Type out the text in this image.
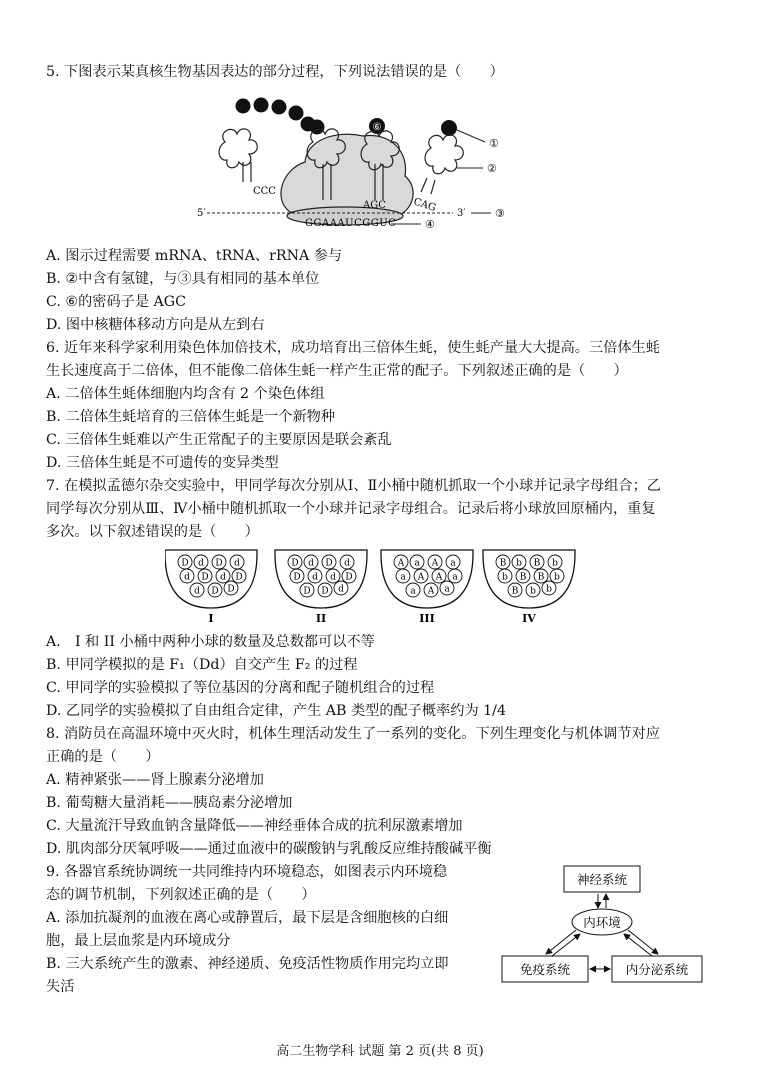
5. 下图表示某真核生物基因表达的部分过程，下列说法错误的是（　　）
⑥
CCC
AGC	CAG
5′	3′
GGAAAUCGGUC
①
②
③
④
A. 图示过程需要 mRNA、tRNA、rRNA 参与
B. ②中含有氢键，与③具有相同的基本单位
C. ⑥的密码子是 AGC
D. 图中核糖体移动方向是从左到右
6. 近年来科学家利用染色体加倍技术，成功培育出三倍体生蚝，使生蚝产量大大提高。三倍体生蚝
生长速度高于二倍体，但不能像二倍体生蚝一样产生正常的配子。下列叙述正确的是（　　）
A. 二倍体生蚝体细胞内均含有 2 个染色体组
B. 二倍体生蚝培育的三倍体生蚝是一个新物种
C. 三倍体生蚝难以产生正常配子的主要原因是联会紊乱
D. 三倍体生蚝是不可遗传的变异类型
7. 在模拟孟德尔杂交实验中，甲同学每次分别从Ⅰ、Ⅱ小桶中随机抓取一个小球并记录字母组合；乙
同学每次分别从Ⅲ、Ⅳ小桶中随机抓取一个小球并记录字母组合。记录后将小球放回原桶内，重复
多次。以下叙述错误的是（　　）
D d D d
d D d D
d D D
I
D d D d
D d d D
D D d
II
A a A a
a A A a
a A a
III
B b B b
b B B b
B b b
IV
A.　I 和 II 小桶中两种小球的数量及总数都可以不等
B. 甲同学模拟的是 F₁（Dd）自交产生 F₂ 的过程
C. 甲同学的实验模拟了等位基因的分离和配子随机组合的过程
D. 乙同学的实验模拟了自由组合定律，产生 AB 类型的配子概率约为 1/4
8. 消防员在高温环境中灭火时，机体生理活动发生了一系列的变化。下列生理变化与机体调节对应
正确的是（　　）
A. 精神紧张——肾上腺素分泌增加
B. 葡萄糖大量消耗——胰岛素分泌增加
C. 大量流汗导致血钠含量降低——神经垂体合成的抗利尿激素增加
D. 肌肉部分厌氧呼吸——通过血液中的碳酸钠与乳酸反应维持酸碱平衡
9. 各器官系统协调统一共同维持内环境稳态，如图表示内环境稳
态的调节机制，下列叙述正确的是（　　）
A. 添加抗凝剂的血液在离心或静置后，最下层是含细胞核的白细
胞，最上层血浆是内环境成分
B. 三大系统产生的激素、神经递质、免疫活性物质作用完均立即
失活
神经系统
内环境
免疫系统	内分泌系统
高二生物学科 试题 第 2 页(共 8 页)
